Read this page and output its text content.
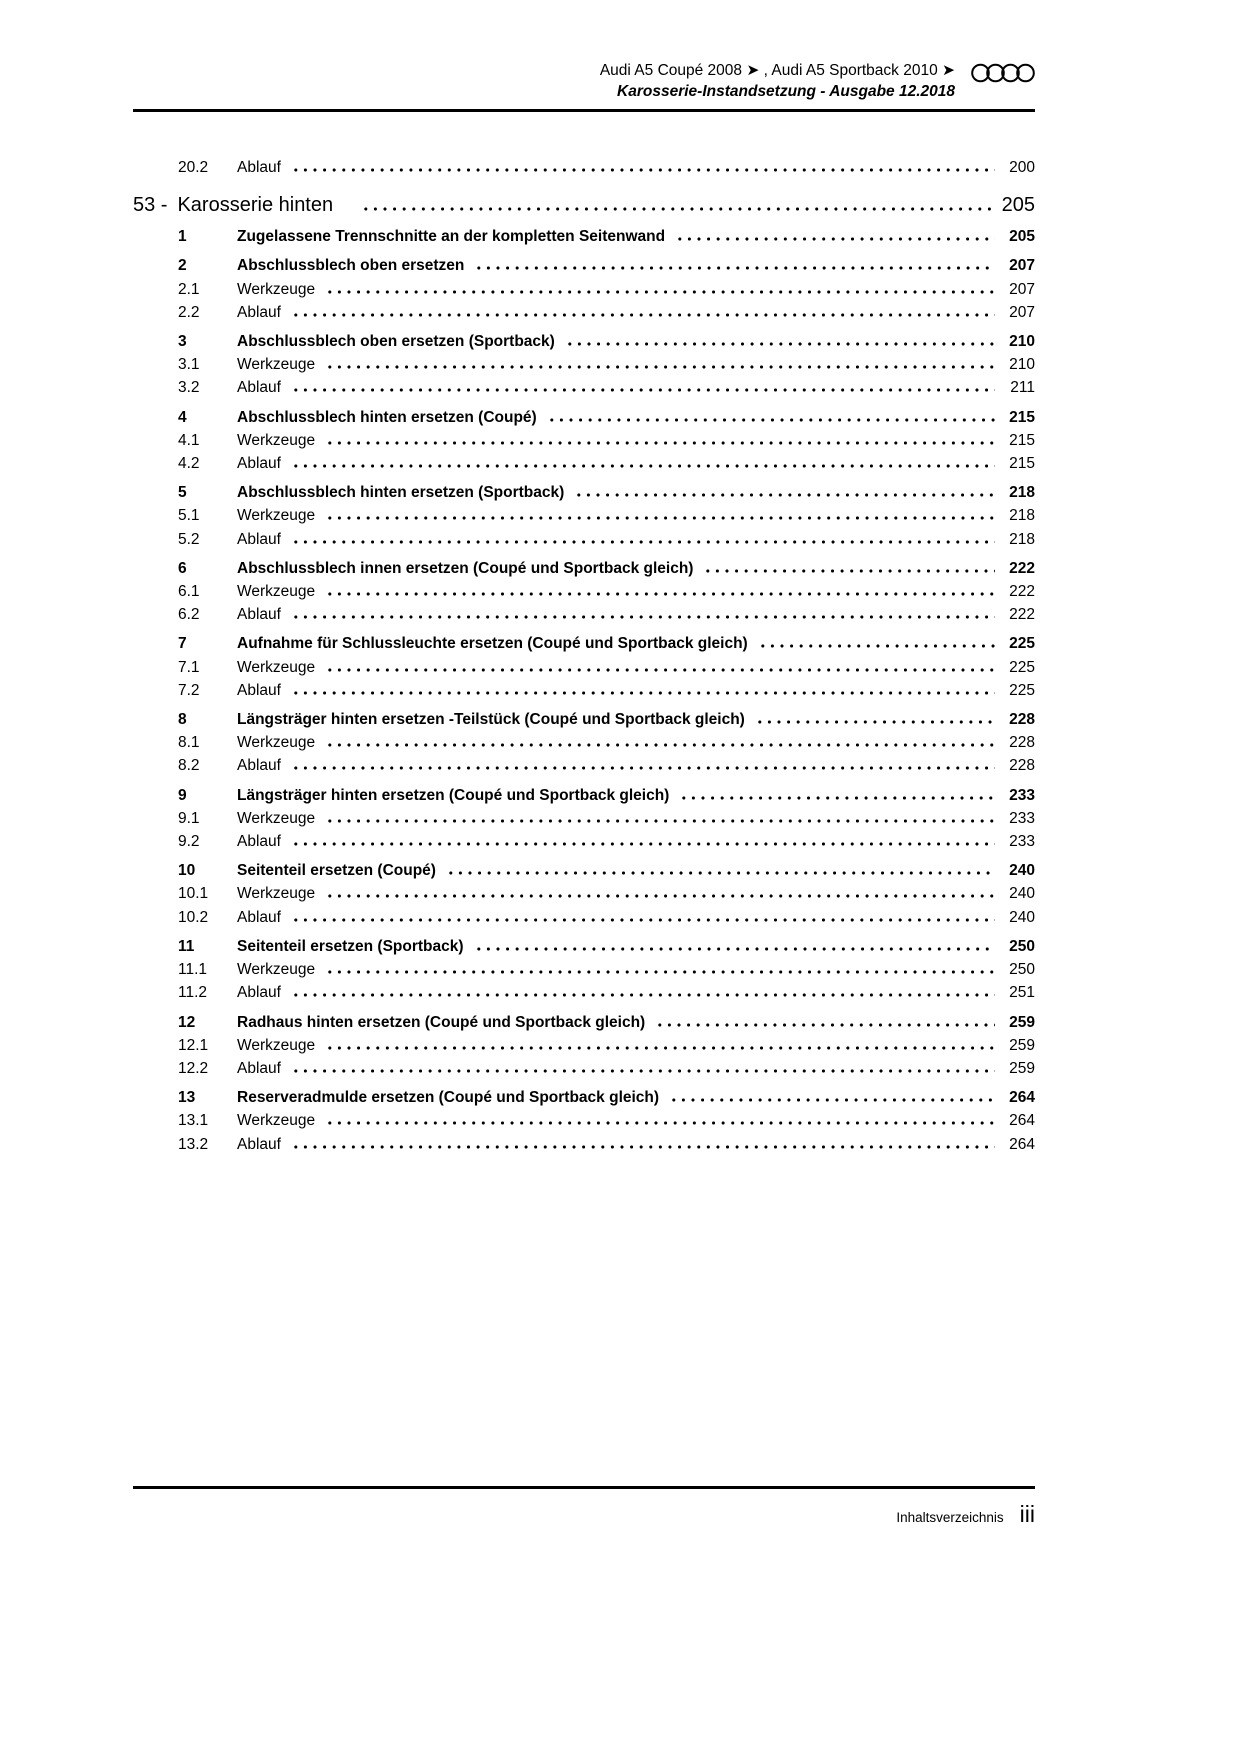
Audi A5 Coupé 2008 ➤ , Audi A5 Sportback 2010 ➤
Karosserie-Instandsetzung - Ausgabe 12.2018
20.2	Ablauf	200
53 - Karosserie hinten	205
1	Zugelassene Trennschnitte an der kompletten Seitenwand	205
2	Abschlussblech oben ersetzen	207
2.1	Werkzeuge	207
2.2	Ablauf	207
3	Abschlussblech oben ersetzen (Sportback)	210
3.1	Werkzeuge	210
3.2	Ablauf	211
4	Abschlussblech hinten ersetzen (Coupé)	215
4.1	Werkzeuge	215
4.2	Ablauf	215
5	Abschlussblech hinten ersetzen (Sportback)	218
5.1	Werkzeuge	218
5.2	Ablauf	218
6	Abschlussblech innen ersetzen (Coupé und Sportback gleich)	222
6.1	Werkzeuge	222
6.2	Ablauf	222
7	Aufnahme für Schlussleuchte ersetzen (Coupé und Sportback gleich)	225
7.1	Werkzeuge	225
7.2	Ablauf	225
8	Längsträger hinten ersetzen -Teilstück (Coupé und Sportback gleich)	228
8.1	Werkzeuge	228
8.2	Ablauf	228
9	Längsträger hinten ersetzen (Coupé und Sportback gleich)	233
9.1	Werkzeuge	233
9.2	Ablauf	233
10	Seitenteil ersetzen (Coupé)	240
10.1	Werkzeuge	240
10.2	Ablauf	240
11	Seitenteil ersetzen (Sportback)	250
11.1	Werkzeuge	250
11.2	Ablauf	251
12	Radhaus hinten ersetzen (Coupé und Sportback gleich)	259
12.1	Werkzeuge	259
12.2	Ablauf	259
13	Reserveradmulde ersetzen (Coupé und Sportback gleich)	264
13.1	Werkzeuge	264
13.2	Ablauf	264
Inhaltsverzeichnis iii
